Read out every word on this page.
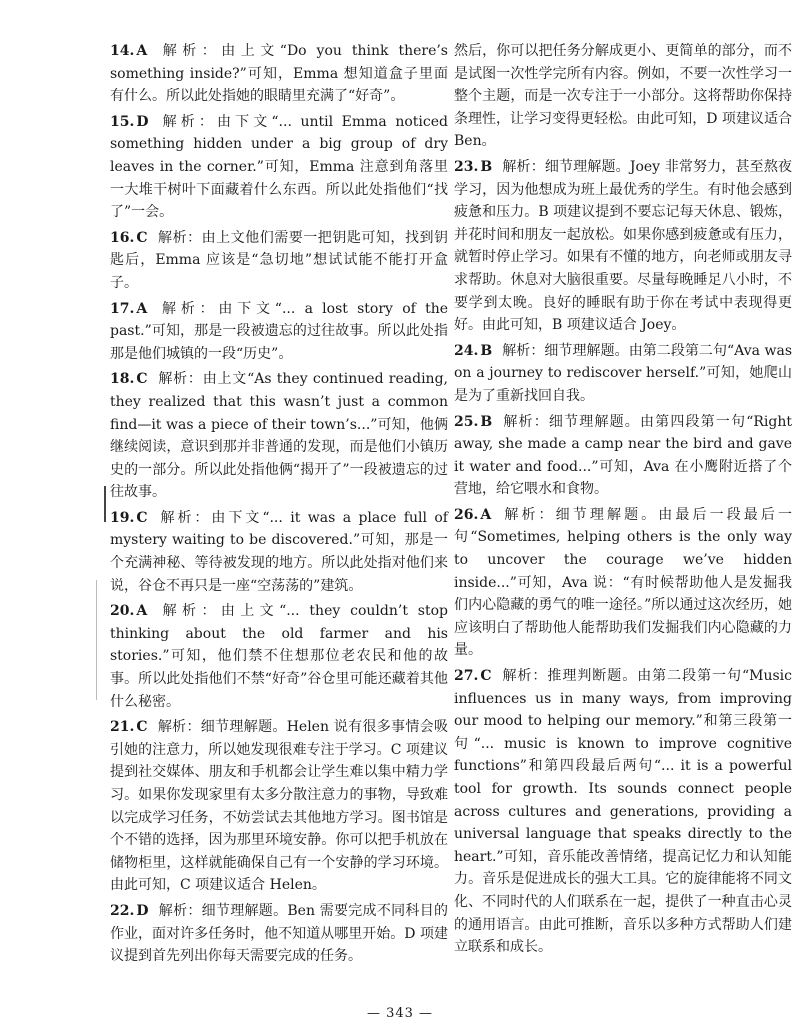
14. A 解析：由上文“Do you think there’s something inside?”可知，Emma 想知道盒子里面有什么。所以此处指她的眼睛里充满了“好奇”。

15. D 解析：由下文“... until Emma noticed something hidden under a big group of dry leaves in the corner.”可知，Emma 注意到角落里一大堆干树叶下面藏着什么东西。所以此处指他们“找了”一会。

16. C 解析：由上文他们需要一把钥匙可知，找到钥匙后，Emma 应该是“急切地”想试试能不能打开盒子。

17. A 解析：由下文“... a lost story of the past.”可知，那是一段被遗忘的过往故事。所以此处指那是他们城镇的一段“历史”。

18. C 解析：由上文“As they continued reading, they realized that this wasn’t just a common find—it was a piece of their town’s...”可知，他俩继续阅读，意识到那并非普通的发现，而是他们小镇历史的一部分。所以此处指他俩“揭开了”一段被遗忘的过往故事。

19. C 解析：由下文“... it was a place full of mystery waiting to be discovered.”可知，那是一个充满神秘、等待被发现的地方。所以此处指对他们来说，谷仓不再只是一座“空荡荡的”建筑。

20. A 解析：由上文“... they couldn’t stop thinking about the old farmer and his stories.”可知，他们禁不住想那位老农民和他的故事。所以此处指他们不禁“好奇”谷仓里可能还藏着其他什么秘密。

21. C 解析：细节理解题。Helen 说有很多事情会吸引她的注意力，所以她发现很难专注于学习。C 项建议提到社交媒体、朋友和手机都会让学生难以集中精力学习。如果你发现家里有太多分散注意力的事物，导致难以完成学习任务，不妨尝试去其他地方学习。图书馆是个不错的选择，因为那里环境安静。你可以把手机放在储物柜里，这样就能确保自己有一个安静的学习环境。由此可知，C 项建议适合 Helen。

22. D 解析：细节理解题。Ben 需要完成不同科目的作业，面对许多任务时，他不知道从哪里开始。D 项建议提到首先列出你每天需要完成的任务。

然后，你可以把任务分解成更小、更简单的部分，而不是试图一次性学完所有内容。例如，不要一次性学习一整个主题，而是一次专注于一小部分。这将帮助你保持条理性，让学习变得更轻松。由此可知，D 项建议适合 Ben。

23. B 解析：细节理解题。Joey 非常努力，甚至熬夜学习，因为他想成为班上最优秀的学生。有时他会感到疲惫和压力。B 项建议提到不要忘记每天休息、锻炼，并花时间和朋友一起放松。如果你感到疲惫或有压力，就暂时停止学习。如果有不懂的地方，向老师或朋友寻求帮助。休息对大脑很重要。尽量每晚睡足八小时，不要学到太晚。良好的睡眠有助于你在考试中表现得更好。由此可知，B 项建议适合 Joey。

24. B 解析：细节理解题。由第二段第二句“Ava was on a journey to rediscover herself.”可知，她爬山是为了重新找回自我。

25. B 解析：细节理解题。由第四段第一句“Right away, she made a camp near the bird and gave it water and food...”可知，Ava 在小鹰附近搭了个营地，给它喂水和食物。

26. A 解析：细节理解题。由最后一段最后一句“Sometimes, helping others is the only way to uncover the courage we’ve hidden inside...”可知，Ava 说：“有时候帮助他人是发掘我们内心隐藏的勇气的唯一途径。”所以通过这次经历，她应该明白了帮助他人能帮助我们发掘我们内心隐藏的力量。

27. C 解析：推理判断题。由第二段第一句“Music influences us in many ways, from improving our mood to helping our memory.”和第三段第一句“... music is known to improve cognitive functions”和第四段最后两句“... it is a powerful tool for growth. Its sounds connect people across cultures and generations, providing a universal language that speaks directly to the heart.”可知，音乐能改善情绪，提高记忆力和认知能力。音乐是促进成长的强大工具。它的旋律能将不同文化、不同时代的人们联系在一起，提供了一种直击心灵的通用语言。由此可推断，音乐以多种方式帮助人们建立联系和成长。

— 343 —
